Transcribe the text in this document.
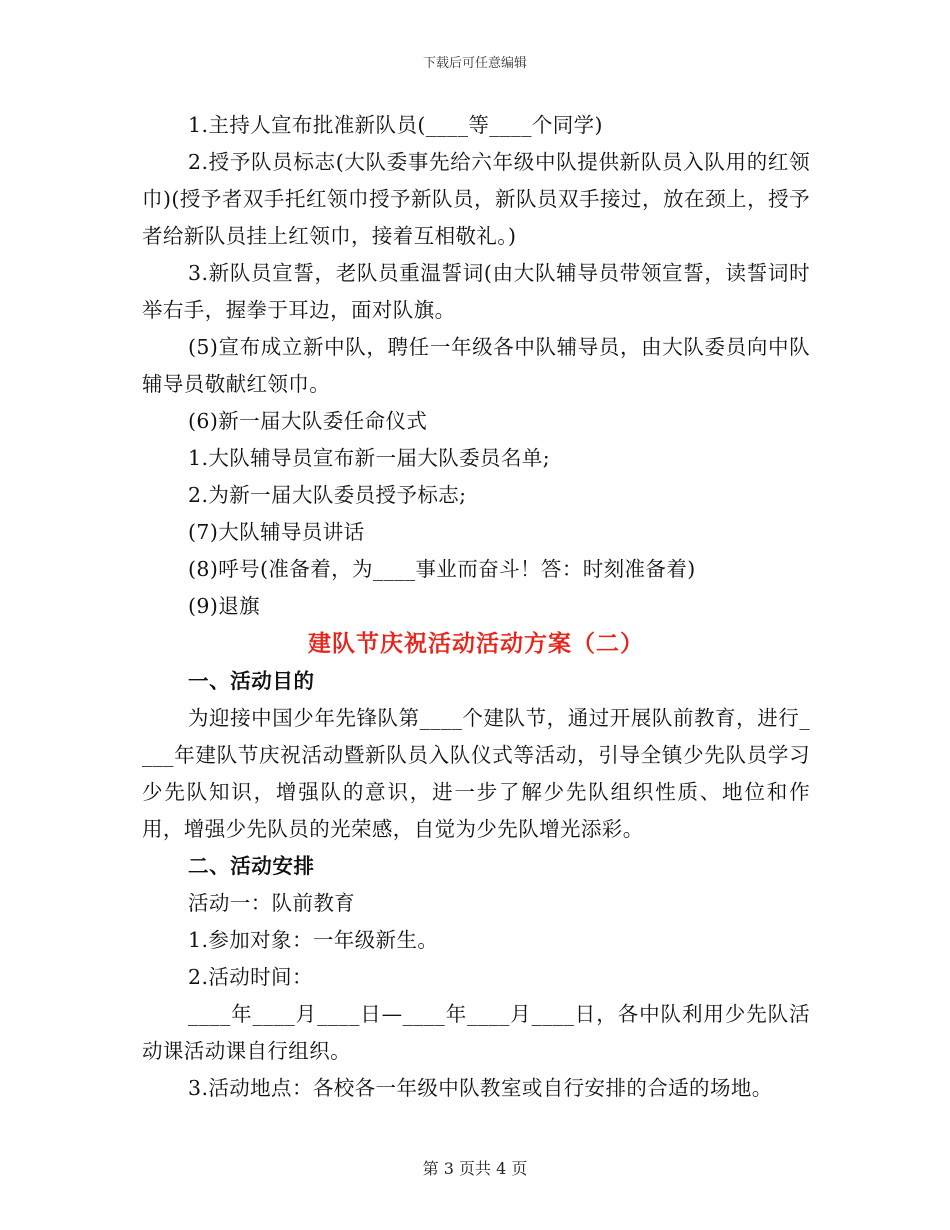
下载后可任意编辑

1.主持人宣布批准新队员(____等____个同学)

2.授予队员标志(大队委事先给六年级中队提供新队员入队用的红领巾)(授予者双手托红领巾授予新队员，新队员双手接过，放在颈上，授予者给新队员挂上红领巾，接着互相敬礼。)

3.新队员宣誓，老队员重温誓词(由大队辅导员带领宣誓，读誓词时举右手，握拳于耳边，面对队旗。

(5)宣布成立新中队，聘任一年级各中队辅导员，由大队委员向中队辅导员敬献红领巾。

(6)新一届大队委任命仪式

1.大队辅导员宣布新一届大队委员名单;

2.为新一届大队委员授予标志;

(7)大队辅导员讲话

(8)呼号(准备着，为____事业而奋斗！答：时刻准备着)

(9)退旗

建队节庆祝活动活动方案（二）

一、活动目的

为迎接中国少年先锋队第____个建队节，通过开展队前教育，进行____年建队节庆祝活动暨新队员入队仪式等活动，引导全镇少先队员学习少先队知识，增强队的意识，进一步了解少先队组织性质、地位和作用，增强少先队员的光荣感，自觉为少先队增光添彩。

二、活动安排

活动一：队前教育

1.参加对象：一年级新生。

2.活动时间：

____年____月____日—____年____月____日，各中队利用少先队活动课活动课自行组织。

3.活动地点：各校各一年级中队教室或自行安排的合适的场地。

第 3 页共 4 页
